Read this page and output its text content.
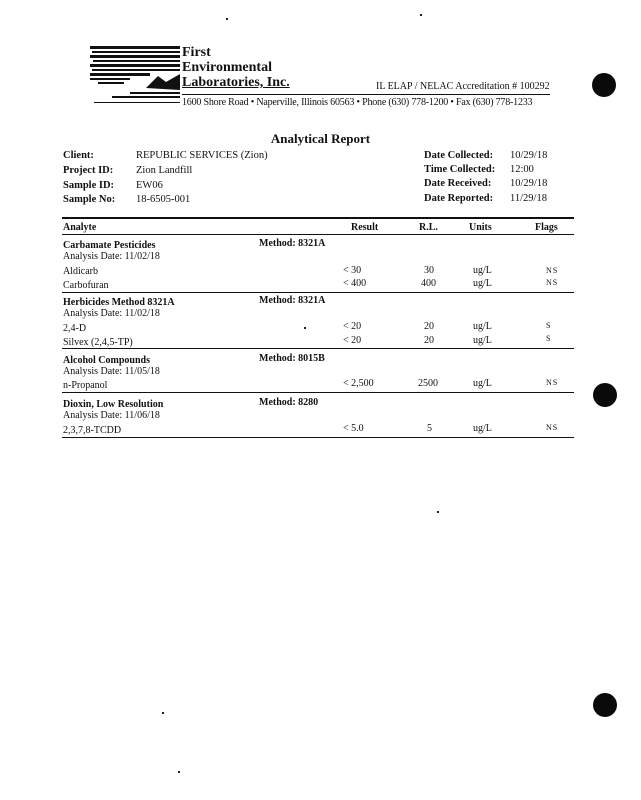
First
Environmental
Laboratories, Inc.	IL ELAP / NELAC Accreditation # 100292
1600 Shore Road • Naperville, Illinois 60563 • Phone (630) 778-1200 • Fax (630) 778-1233
Analytical Report
Client:	REPUBLIC SERVICES (Zion)
Project ID: Zion Landfill
Sample ID: EW06
Sample No: 18-6505-001
Date Collected: 10/29/18
Time Collected: 12:00
Date Received: 10/29/18
Date Reported: 11/29/18
Analyte	Result	R.L.	Units	Flags
Carbamate Pesticides	Method: 8321A
Analysis Date: 11/02/18
Aldicarb	< 30	30	ug/L	NS
Carbofuran	< 400	400	ug/L	NS
Herbicides Method 8321A	Method: 8321A
Analysis Date: 11/02/18
2,4-D	< 20	20	ug/L	S
Silvex (2,4,5-TP)	< 20	20	ug/L	S
Alcohol Compounds	Method: 8015B
Analysis Date: 11/05/18
n-Propanol	< 2,500	2500	ug/L	NS
Dioxin, Low Resolution	Method: 8280
Analysis Date: 11/06/18
2,3,7,8-TCDD	< 5.0	5	ug/L	NS
